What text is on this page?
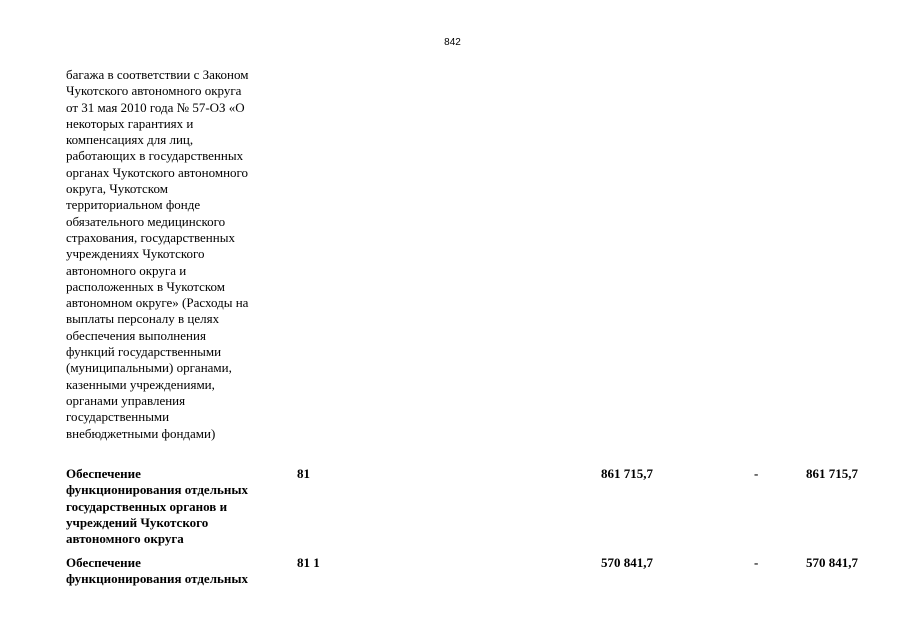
842
багажа в соответствии с Законом
Чукотского автономного округа
от 31 мая 2010 года № 57-ОЗ «О
некоторых гарантиях и
компенсациях для лиц,
работающих в государственных
органах Чукотского автономного
округа, Чукотском
территориальном фонде
обязательного медицинского
страхования, государственных
учреждениях Чукотского
автономного округа и
расположенных в Чукотском
автономном округе» (Расходы на
выплаты персоналу в целях
обеспечения выполнения
функций государственными
(муниципальными) органами,
казенными учреждениями,
органами управления
государственными
внебюджетными фондами)
Обеспечение
функционирования отдельных
государственных органов и
учреждений Чукотского
автономного округа
81	861 715,7	-	861 715,7
Обеспечение
функционирования отдельных
81 1	570 841,7	-	570 841,7
